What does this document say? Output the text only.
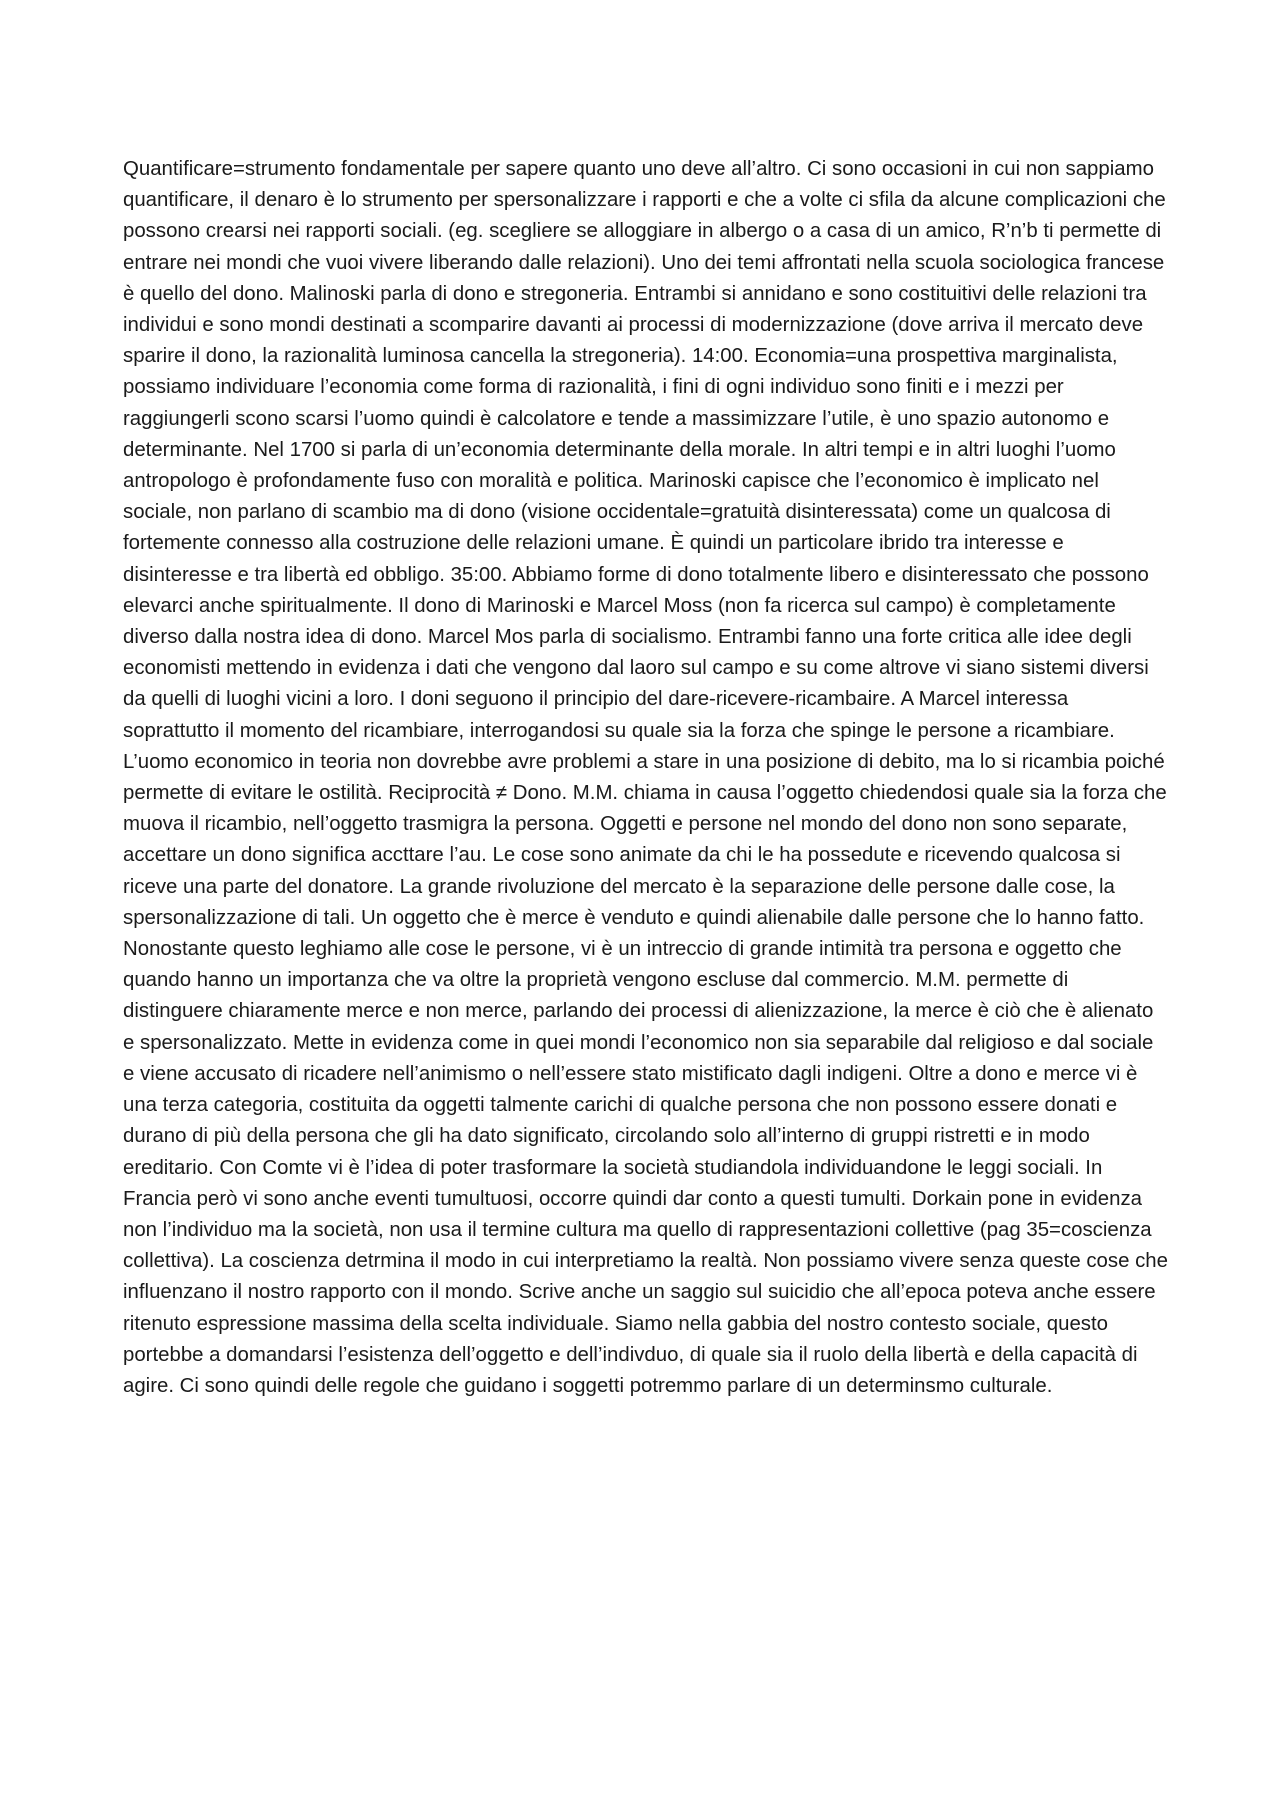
Quantificare=strumento fondamentale per sapere quanto uno deve all’altro. Ci sono occasioni in cui non sappiamo quantificare, il denaro è lo strumento per spersonalizzare i rapporti e che a volte ci sfila da alcune complicazioni che possono crearsi nei rapporti sociali. (eg. scegliere se alloggiare in albergo o a casa di un amico, R’n’b ti permette di entrare nei mondi che vuoi vivere liberando dalle relazioni). Uno dei temi affrontati nella scuola sociologica francese è quello del dono. Malinoski parla di dono e stregoneria. Entrambi si annidano e sono costituitivi delle relazioni tra individui e sono mondi destinati a scomparire davanti ai processi di modernizzazione (dove arriva il mercato deve sparire il dono, la razionalità luminosa cancella la stregoneria). 14:00. Economia=una prospettiva marginalista, possiamo individuare l’economia come forma di razionalità, i fini di ogni individuo sono finiti e i mezzi per raggiungerli scono scarsi l’uomo quindi è calcolatore e tende a massimizzare l’utile, è uno spazio autonomo e determinante. Nel 1700 si parla di un’economia determinante della morale. In altri tempi e in altri luoghi l’uomo antropologo è profondamente fuso con moralità e politica. Marinoski capisce che l’economico è implicato nel sociale, non parlano di scambio ma di dono (visione occidentale=gratuità disinteressata) come un qualcosa di fortemente connesso alla costruzione delle relazioni umane. È quindi un particolare ibrido tra interesse e disinteresse e tra libertà ed obbligo. 35:00. Abbiamo forme di dono totalmente libero e disinteressato che possono elevarci anche spiritualmente. Il dono di Marinoski e Marcel Moss (non fa ricerca sul campo) è completamente diverso dalla nostra idea di dono. Marcel Mos parla di socialismo. Entrambi fanno una forte critica alle idee degli economisti mettendo in evidenza i dati che vengono dal laoro sul campo e su come altrove vi siano sistemi diversi da quelli di luoghi vicini a loro. I doni seguono il principio del dare-ricevere-ricambaire. A Marcel interessa soprattutto il momento del ricambiare, interrogandosi su quale sia la forza che spinge le persone a ricambiare. L’uomo economico in teoria non dovrebbe avre problemi a stare in una posizione di debito, ma lo si ricambia poiché permette di evitare le ostilità. Reciprocità ≠ Dono. M.M. chiama in causa l’oggetto chiedendosi quale sia la forza che muova il ricambio, nell’oggetto trasmigra la persona. Oggetti e persone nel mondo del dono non sono separate, accettare un dono significa accttare l’au. Le cose sono animate da chi le ha possedute e ricevendo qualcosa si riceve una parte del donatore. La grande rivoluzione del mercato è la separazione delle persone dalle cose, la spersonalizzazione di tali. Un oggetto che è merce è venduto e quindi alienabile dalle persone che lo hanno fatto. Nonostante questo leghiamo alle cose le persone, vi è un intreccio di grande intimità tra persona e oggetto che quando hanno un importanza che va oltre la proprietà vengono escluse dal commercio. M.M. permette di distinguere chiaramente merce e non merce, parlando dei processi di alienizzazione, la merce è ciò che è alienato e spersonalizzato. Mette in evidenza come in quei mondi l’economico non sia separabile dal religioso e dal sociale e viene accusato di ricadere nell’animismo o nell’essere stato mistificato dagli indigeni. Oltre a dono e merce vi è una terza categoria, costituita da oggetti talmente carichi di qualche persona che non possono essere donati e durano di più della persona che gli ha dato significato, circolando solo all’interno di gruppi ristretti e in modo ereditario. Con Comte vi è l’idea di poter trasformare la società studiandola individuandone le leggi sociali. In Francia però vi sono anche eventi tumultuosi, occorre quindi dar conto a questi tumulti. Dorkain pone in evidenza non l’individuo ma la società, non usa il termine cultura ma quello di rappresentazioni collettive (pag 35=coscienza collettiva). La coscienza detrmina il modo in cui interpretiamo la realtà. Non possiamo vivere senza queste cose che influenzano il nostro rapporto con il mondo. Scrive anche un saggio sul suicidio che all’epoca poteva anche essere ritenuto espressione massima della scelta individuale. Siamo nella gabbia del nostro contesto sociale, questo portebbe a domandarsi l’esistenza dell’oggetto e dell’indivduo, di quale sia il ruolo della libertà e della capacità di agire. Ci sono quindi delle regole che guidano i soggetti potremmo parlare di un determinsmo culturale.
